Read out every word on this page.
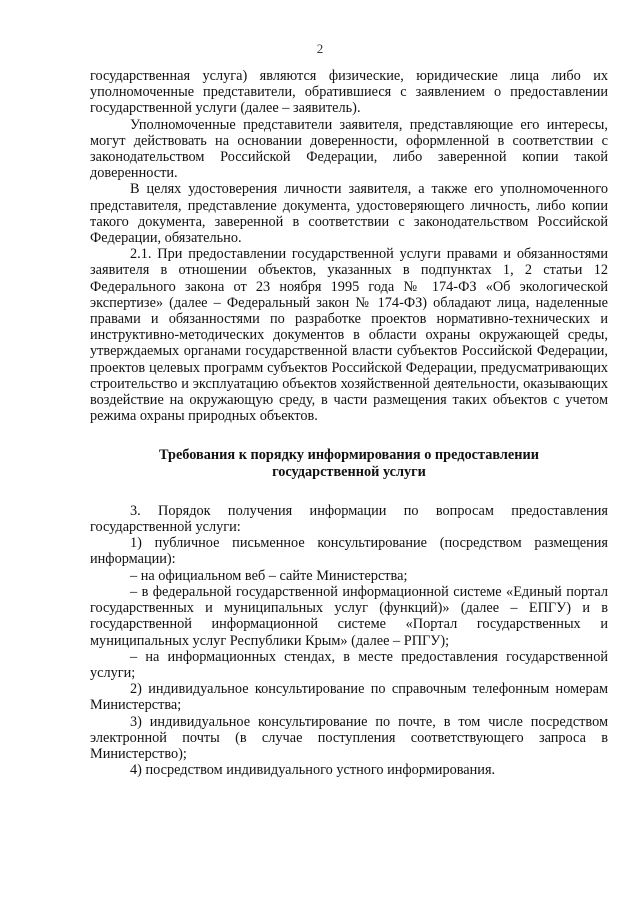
2

государственная услуга) являются физические, юридические лица либо их уполномоченные представители, обратившиеся с заявлением о предоставлении государственной услуги (далее – заявитель).

Уполномоченные представители заявителя, представляющие его интересы, могут действовать на основании доверенности, оформленной в соответствии с законодательством Российской Федерации, либо заверенной копии такой доверенности.

В целях удостоверения личности заявителя, а также его уполномоченного представителя, представление документа, удостоверяющего личность, либо копии такого документа, заверенной в соответствии с законодательством Российской Федерации, обязательно.

2.1. При предоставлении государственной услуги правами и обязанностями заявителя в отношении объектов, указанных в подпунктах 1, 2 статьи 12 Федерального закона от 23 ноября 1995 года № 174-ФЗ «Об экологической экспертизе» (далее – Федеральный закон № 174-ФЗ) обладают лица, наделенные правами и обязанностями по разработке проектов нормативно-технических и инструктивно-методических документов в области охраны окружающей среды, утверждаемых органами государственной власти субъектов Российской Федерации, проектов целевых программ субъектов Российской Федерации, предусматривающих строительство и эксплуатацию объектов хозяйственной деятельности, оказывающих воздействие на окружающую среду, в части размещения таких объектов с учетом режима охраны природных объектов.

Требования к порядку информирования о предоставлении
государственной услуги

3. Порядок получения информации по вопросам предоставления государственной услуги:

1) публичное письменное консультирование (посредством размещения информации):

– на официальном веб – сайте Министерства;

– в федеральной государственной информационной системе «Единый портал государственных и муниципальных услуг (функций)» (далее – ЕПГУ) и в государственной информационной системе «Портал государственных и муниципальных услуг Республики Крым» (далее – РПГУ);

– на информационных стендах, в месте предоставления государственной услуги;

2) индивидуальное консультирование по справочным телефонным номерам Министерства;

3) индивидуальное консультирование по почте, в том числе посредством электронной почты (в случае поступления соответствующего запроса в Министерство);

4) посредством индивидуального устного информирования.
